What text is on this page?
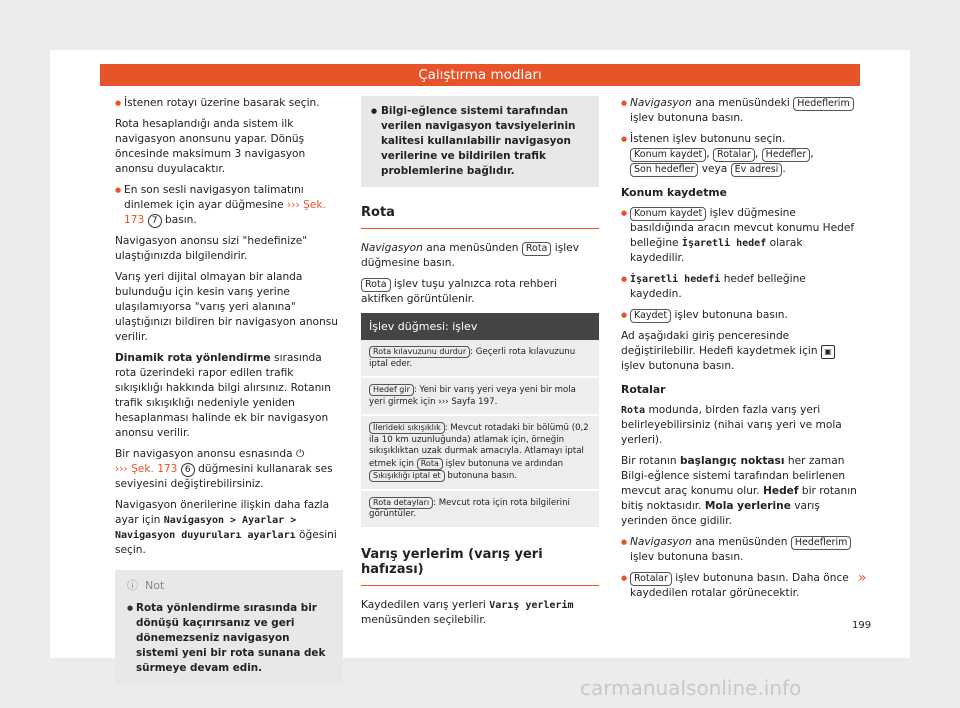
Çalıştırma modları

● İstenen rotayı üzerine basarak seçin.

Rota hesaplandığı anda sistem ilk navigasyon anonsunu yapar. Dönüş öncesinde maksimum 3 navigasyon anonsu duyulacaktır.

● En son sesli navigasyon talimatını dinlemek için ayar düğmesine ››› Şek. 173 7 basın.

Navigasyon anonsu sizi "hedefinize" ulaştığınızda bilgilendirir.

Varış yeri dijital olmayan bir alanda bulunduğu için kesin varış yerine ulaşılamıyorsa "varış yeri alanına" ulaştığınızı bildiren bir navigasyon anonsu verilir.

Dinamik rota yönlendirme sırasında rota üzerindeki rapor edilen trafik sıkışıklığı hakkında bilgi alırsınız. Rotanın trafik sıkışıklığı nedeniyle yeniden hesaplanması halinde ek bir navigasyon anonsu verilir.

Bir navigasyon anonsu esnasında ⏻
››› Şek. 173 6 düğmesini kullanarak ses seviyesini değiştirebilirsiniz.

Navigasyon önerilerine ilişkin daha fazla ayar için Navigasyon > Ayarlar > Navigasyon duyuruları ayarları öğesini seçin.

ⓘ Not
● Rota yönlendirme sırasında bir dönüşü kaçırırsanız ve geri dönemezseniz navigasyon sistemi yeni bir rota sunana dek sürmeye devam edin.
● Bilgi-eğlence sistemi tarafından verilen navigasyon tavsiyelerinin kalitesi kullanılabilir navigasyon verilerine ve bildirilen trafik problemlerine bağlıdır.
Rota

Navigasyon ana menüsünden Rota işlev düğmesine basın.

Rota işlev tuşu yalnızca rota rehberi aktifken görüntülenir.

İşlev düğmesi: işlev
Rota kılavuzunu durdur : Geçerli rota kılavuzunu iptal eder.
Hedef gir : Yeni bir varış yeri veya yeni bir mola yeri girmek için ››› Sayfa 197.
İlerideki sıkışıklık : Mevcut rotadaki bir bölümü (0,2 ila 10 km uzunluğunda) atlamak için, örneğin sıkışıklıktan uzak durmak amacıyla. Atlamayı iptal etmek için Rota işlev butonuna ve ardından Sıkışıklığı iptal et butonuna basın.
Rota detayları : Mevcut rota için rota bilgilerini görüntüler.
Varış yerlerim (varış yeri hafızası)

Kaydedilen varış yerleri Varış yerlerim menüsünden seçilebilir.

● Navigasyon ana menüsündeki Hedeflerim işlev butonuna basın.

● İstenen işlev butonunu seçin. Konum kaydet , Rotalar , Hedefler , Son hedefler veya Ev adresi .

Konum kaydetme

● Konum kaydet işlev düğmesine basıldığında aracın mevcut konumu Hedef belleğine İşaretli hedef olarak kaydedilir.

● İşaretli hedefi hedef belleğine kaydedin.

● Kaydet işlev butonuna basın.

Ad aşağıdaki giriş penceresinde değiştirilebilir. Hedefi kaydetmek için ▣ işlev butonuna basın.

Rotalar

Rota modunda, birden fazla varış yeri belirleyebilirsiniz (nihai varış yeri ve mola yerleri).

Bir rotanın başlangıç noktası her zaman Bilgi-eğlence sistemi tarafından belirlenen mevcut araç konumu olur. Hedef bir rotanın bitiş noktasıdır. Mola yerlerine varış yerinden önce gidilir.

● Navigasyon ana menüsünden Hedeflerim işlev butonuna basın.

● Rotalar işlev butonuna basın. Daha önce kaydedilen rotalar görünecektir.

»
199
carmanualsonline.info
